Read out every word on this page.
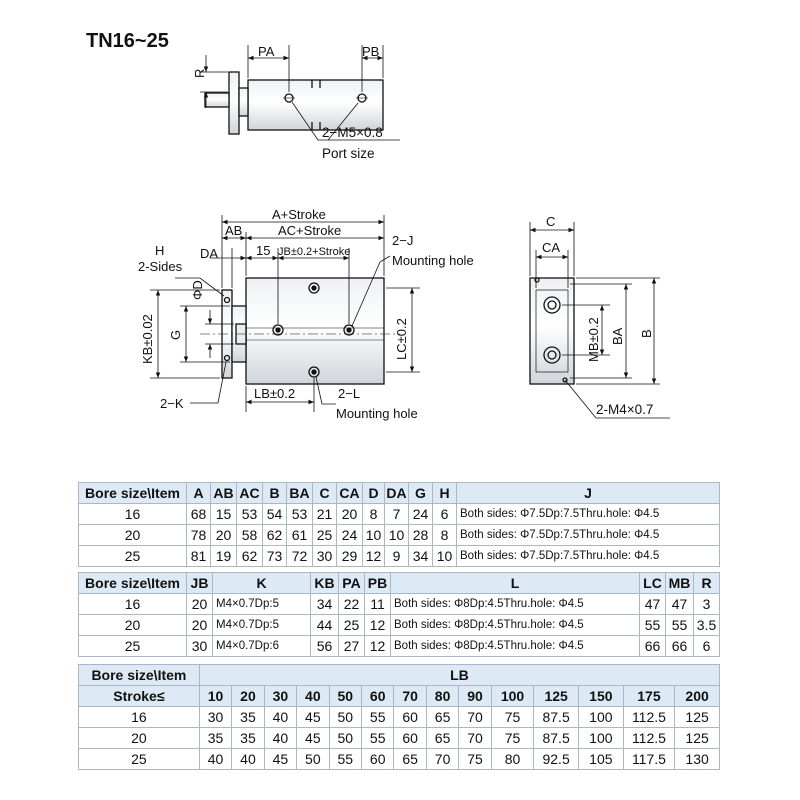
TN16~25	PA	PB
R
2−M5×0.8
Port size
A+Stroke
AC+Stroke
AB
DA	15 JB±0.2+Stroke
2−J
Mounting hole
H
2-Sides
ΦD
KB±0.02 G	LC±0.2
2−K
LB±0.2	2−L
Mounting hole
C
CA
MB±0.2 BA B
2-M4×0.7
Bore size\Item	A	AB	AC	B	BA	C	CA	D	DA	G	H	J
16	68	15	53	54	53	21	20	8	7	24	6	Both sides: Φ7.5Dp:7.5Thru.hole: Φ4.5
20	78	20	58	62	61	25	24	10	10	28	8	Both sides: Φ7.5Dp:7.5Thru.hole: Φ4.5
25	81	19	62	73	72	30	29	12	9	34	10	Both sides: Φ7.5Dp:7.5Thru.hole: Φ4.5
Bore size\Item	JB	K	KB	PA	PB	L	LC	MB	R
16	20	M4×0.7Dp:5	34	22	11	Both sides: Φ8Dp:4.5Thru.hole: Φ4.5	47	47	3
20	20	M4×0.7Dp:5	44	25	12	Both sides: Φ8Dp:4.5Thru.hole: Φ4.5	55	55	3.5
25	30	M4×0.7Dp:6	56	27	12	Both sides: Φ8Dp:4.5Thru.hole: Φ4.5	66	66	6
Bore size\Item	LB													
Stroke≤	10	20	30	40	50	60	70	80	90	100	125	150	175	200
16	30	35	40	45	50	55	60	65	70	75	87.5	100	112.5	125
20	35	35	40	45	50	55	60	65	70	75	87.5	100	112.5	125
25	40	40	45	50	55	60	65	70	75	80	92.5	105	117.5	130
